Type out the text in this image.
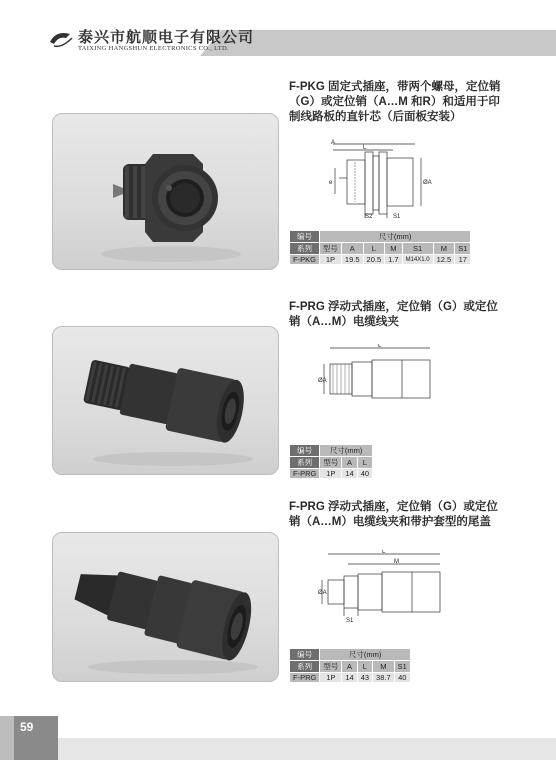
泰兴市航顺电子有限公司
TAIXING HANGSHUN ELECTRONICS CO., LTD.
F-PKG 固定式插座，带两个螺母，定位销（G）或定位销（A…M 和R）和适用于印制线路板的直针芯（后面板安装）
A
L
e	ØA
S2	S1
编号	尺寸(mm)						
系列	型号	A	L	M	S1	M	S1
F-PKG	1P	19.5	20.5	1.7	M14X1.0	12.5	17
F-PRG 浮动式插座，定位销（G）或定位销（A…M）电缆线夹
L
ØA
编号	尺寸(mm)		
系列	型号	A	L
F-PRG	1P	14	40
F-PRG 浮动式插座，定位销（G）或定位销（A…M）电缆线夹和带护套型的尾盖
L
M
ØA
S1
编号	尺寸(mm)				
系列	型号	A	L	M	S1
F-PRG	1P	14	43	38.7	40
59
